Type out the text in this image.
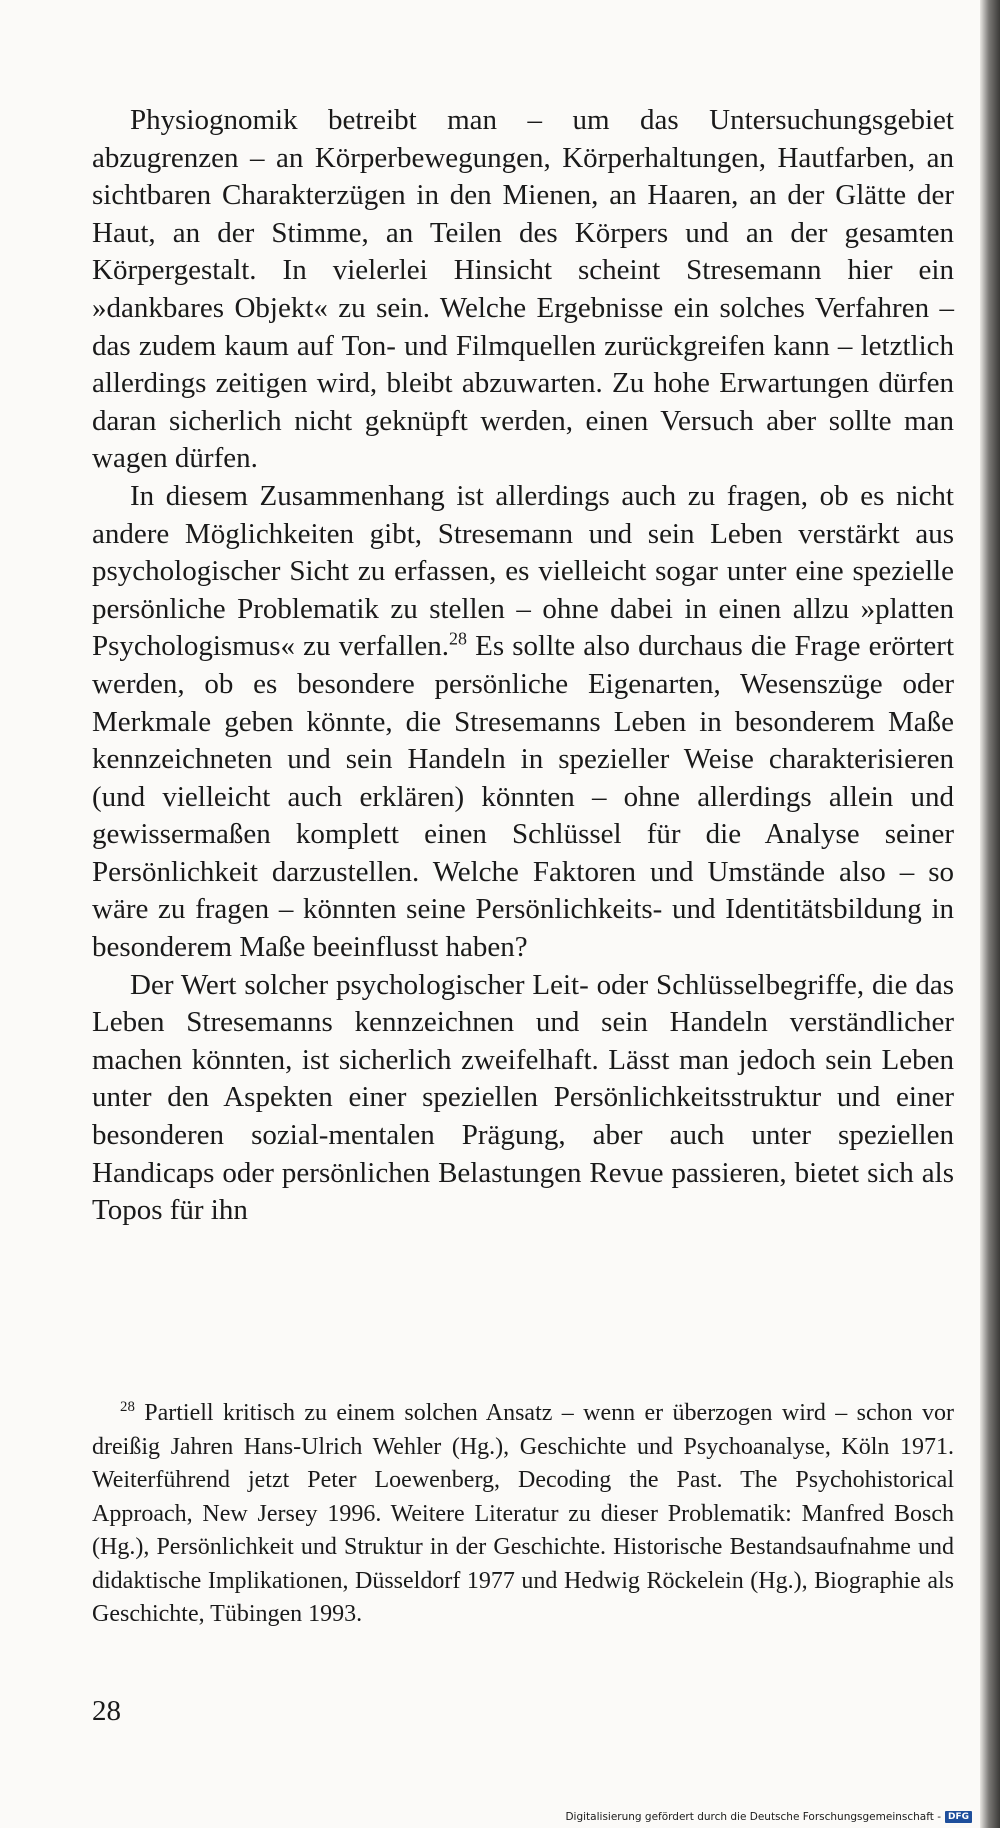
Physiognomik betreibt man – um das Untersuchungsgebiet abzugrenzen – an Körperbewegungen, Körperhaltungen, Hautfarben, an sichtbaren Charakterzügen in den Mienen, an Haaren, an der Glätte der Haut, an der Stimme, an Teilen des Körpers und an der gesamten Körpergestalt. In vielerlei Hinsicht scheint Stresemann hier ein »dankbares Objekt« zu sein. Welche Ergebnisse ein solches Verfahren – das zudem kaum auf Ton- und Filmquellen zurückgreifen kann – letztlich allerdings zeitigen wird, bleibt abzuwarten. Zu hohe Erwartungen dürfen daran sicherlich nicht geknüpft werden, einen Versuch aber sollte man wagen dürfen.

In diesem Zusammenhang ist allerdings auch zu fragen, ob es nicht andere Möglichkeiten gibt, Stresemann und sein Leben verstärkt aus psychologischer Sicht zu erfassen, es vielleicht sogar unter eine spezielle persönliche Problematik zu stellen – ohne dabei in einen allzu »platten Psychologismus« zu verfallen.$^{28}$ Es sollte also durchaus die Frage erörtert werden, ob es besondere persönliche Eigenarten, Wesenszüge oder Merkmale geben könnte, die Stresemanns Leben in besonderem Maße kennzeichneten und sein Handeln in spezieller Weise charakterisieren (und vielleicht auch erklären) könnten – ohne allerdings allein und gewissermaßen komplett einen Schlüssel für die Analyse seiner Persönlichkeit darzustellen. Welche Faktoren und Umstände also – so wäre zu fragen – könnten seine Persönlichkeits- und Identitätsbildung in besonderem Maße beeinflusst haben?

Der Wert solcher psychologischer Leit- oder Schlüsselbegriffe, die das Leben Stresemanns kennzeichnen und sein Handeln verständlicher machen könnten, ist sicherlich zweifelhaft. Lässt man jedoch sein Leben unter den Aspekten einer speziellen Persönlichkeitsstruktur und einer besonderen sozial-mentalen Prägung, aber auch unter speziellen Handicaps oder persönlichen Belastungen Revue passieren, bietet sich als Topos für ihn

$^{28}$ Partiell kritisch zu einem solchen Ansatz – wenn er überzogen wird – schon vor dreißig Jahren Hans-Ulrich Wehler (Hg.), Geschichte und Psychoanalyse, Köln 1971. Weiterführend jetzt Peter Loewenberg, Decoding the Past. The Psychohistorical Approach, New Jersey 1996. Weitere Literatur zu dieser Problematik: Manfred Bosch (Hg.), Persönlichkeit und Struktur in der Geschichte. Historische Bestandsaufnahme und didaktische Implikationen, Düsseldorf 1977 und Hedwig Röckelein (Hg.), Biographie als Geschichte, Tübingen 1993.

28
Digitalisierung gefördert durch die Deutsche Forschungsgemeinschaft - DFG
